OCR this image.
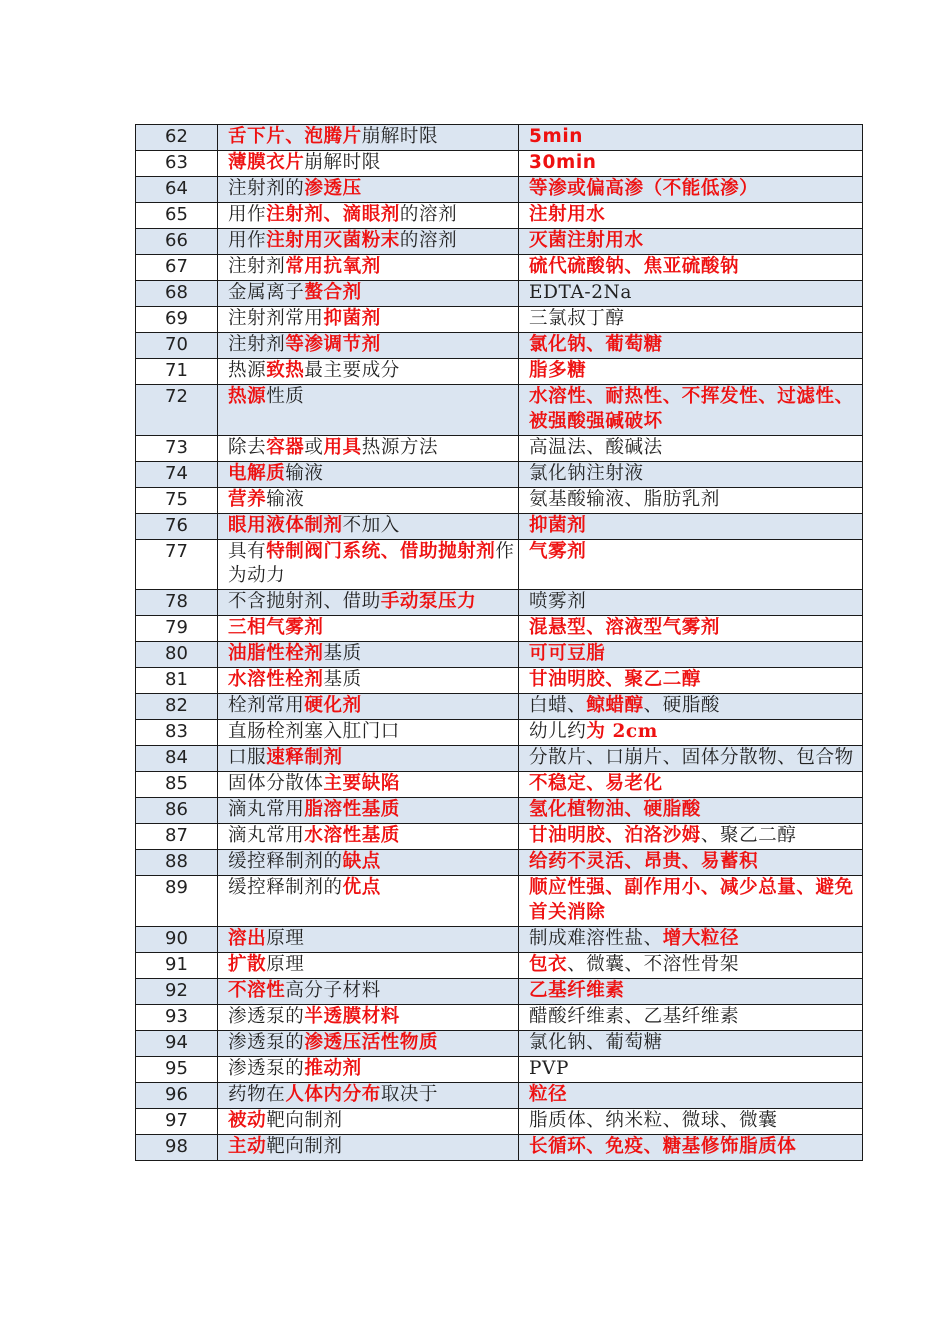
62	舌下片、泡腾片崩解时限	5min
63	薄膜衣片崩解时限	30min
64	注射剂的渗透压	等渗或偏高渗（不能低渗）
65	用作注射剂、滴眼剂的溶剂	注射用水
66	用作注射用灭菌粉末的溶剂	灭菌注射用水
67	注射剂常用抗氧剂	硫代硫酸钠、焦亚硫酸钠
68	金属离子螯合剂	EDTA-2Na
69	注射剂常用抑菌剂	三氯叔丁醇
70	注射剂等渗调节剂	氯化钠、葡萄糖
71	热源致热最主要成分	脂多糖
72	热源性质	水溶性、耐热性、不挥发性、过滤性、
被强酸强碱破坏
73	除去容器或用具热源方法	高温法、酸碱法
74	电解质输液	氯化钠注射液
75	营养输液	氨基酸输液、脂肪乳剂
76	眼用液体制剂不加入	抑菌剂
77	具有特制阀门系统、借助抛射剂作为动力	气雾剂
78	不含抛射剂、借助手动泵压力	喷雾剂
79	三相气雾剂	混悬型、溶液型气雾剂
80	油脂性栓剂基质	可可豆脂
81	水溶性栓剂基质	甘油明胶、聚乙二醇
82	栓剂常用硬化剂	白蜡、鲸蜡醇、硬脂酸
83	直肠栓剂塞入肛门口	幼儿约为 2cm
84	口服速释制剂	分散片、口崩片、固体分散物、包合物
85	固体分散体主要缺陷	不稳定、易老化
86	滴丸常用脂溶性基质	氢化植物油、硬脂酸
87	滴丸常用水溶性基质	甘油明胶、泊洛沙姆、聚乙二醇
88	缓控释制剂的缺点	给药不灵活、昂贵、易蓄积
89	缓控释制剂的优点	顺应性强、副作用小、减少总量、避免首关消除
90	溶出原理	制成难溶性盐、增大粒径
91	扩散原理	包衣、微囊、不溶性骨架
92	不溶性高分子材料	乙基纤维素
93	渗透泵的半透膜材料	醋酸纤维素、乙基纤维素
94	渗透泵的渗透压活性物质	氯化钠、葡萄糖
95	渗透泵的推动剂	PVP
96	药物在人体内分布取决于	粒径
97	被动靶向制剂	脂质体、纳米粒、微球、微囊
98	主动靶向制剂	长循环、免疫、糖基修饰脂质体
